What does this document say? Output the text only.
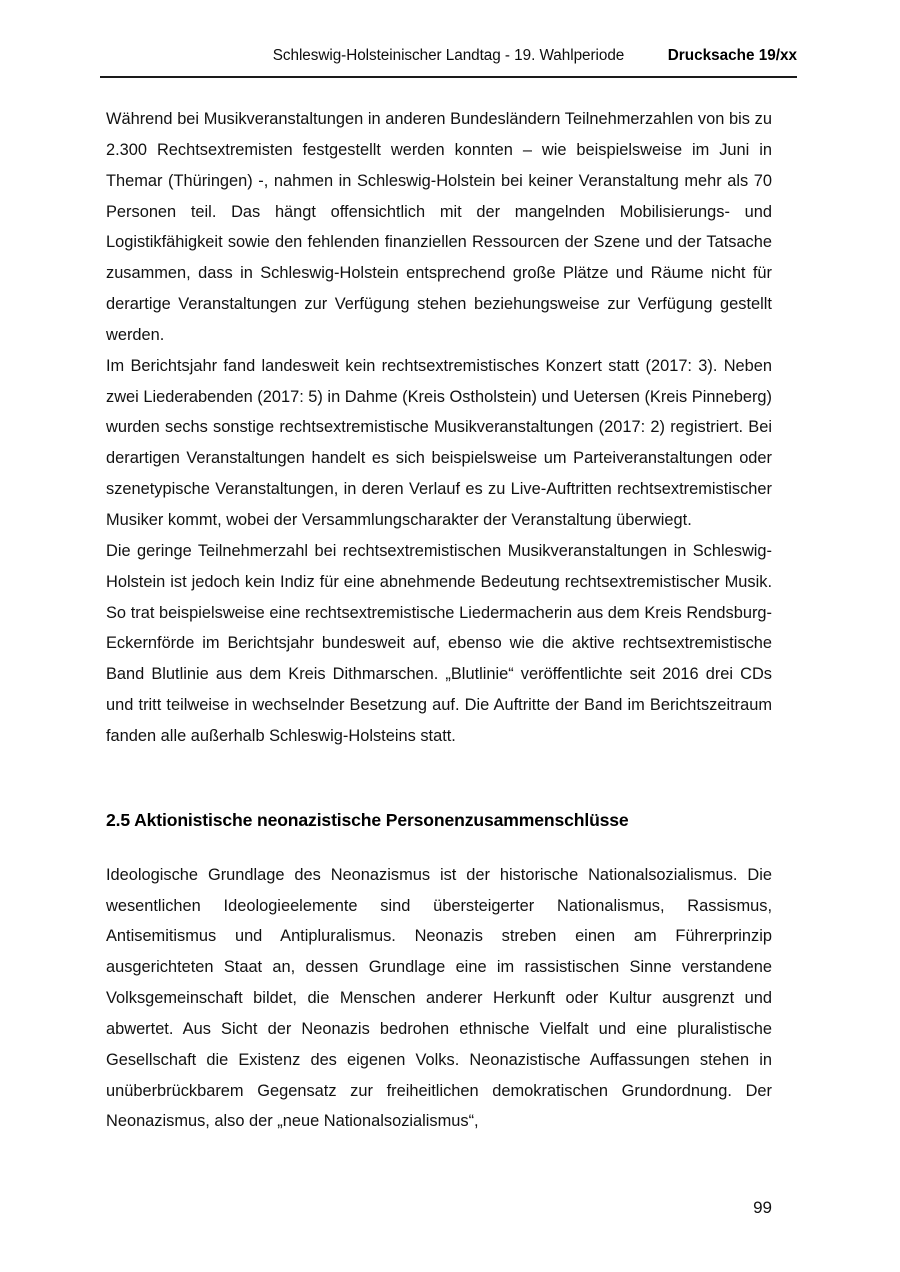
Schleswig-Holsteinischer Landtag - 19. Wahlperiode	Drucksache 19/xx

Während bei Musikveranstaltungen in anderen Bundesländern Teilnehmerzahlen von bis zu 2.300 Rechtsextremisten festgestellt werden konnten – wie beispielsweise im Juni in Themar (Thüringen) -, nahmen in Schleswig-Holstein bei keiner Veranstaltung mehr als 70 Personen teil. Das hängt offensichtlich mit der mangelnden Mobilisierungs- und Logistikfähigkeit sowie den fehlenden finanziellen Ressourcen der Szene und der Tatsache zusammen, dass in Schleswig-Holstein entsprechend große Plätze und Räume nicht für derartige Veranstaltungen zur Verfügung stehen beziehungsweise zur Verfügung gestellt werden.

Im Berichtsjahr fand landesweit kein rechtsextremistisches Konzert statt (2017: 3). Neben zwei Liederabenden (2017: 5) in Dahme (Kreis Ostholstein) und Uetersen (Kreis Pinneberg) wurden sechs sonstige rechtsextremistische Musikveranstaltungen (2017: 2) registriert. Bei derartigen Veranstaltungen handelt es sich beispielsweise um Parteiveranstaltungen oder szenetypische Veranstaltungen, in deren Verlauf es zu Live-Auftritten rechtsextremistischer Musiker kommt, wobei der Versammlungscharakter der Veranstaltung überwiegt.

Die geringe Teilnehmerzahl bei rechtsextremistischen Musikveranstaltungen in Schleswig-Holstein ist jedoch kein Indiz für eine abnehmende Bedeutung rechtsextremistischer Musik. So trat beispielsweise eine rechtsextremistische Liedermacherin aus dem Kreis Rendsburg-Eckernförde im Berichtsjahr bundesweit auf, ebenso wie die aktive rechtsextremistische Band Blutlinie aus dem Kreis Dithmarschen. „Blutlinie“ veröffentlichte seit 2016 drei CDs und tritt teilweise in wechselnder Besetzung auf. Die Auftritte der Band im Berichtszeitraum fanden alle außerhalb Schleswig-Holsteins statt.

2.5 Aktionistische neonazistische Personenzusammenschlüsse

Ideologische Grundlage des Neonazismus ist der historische Nationalsozialismus. Die wesentlichen Ideologieelemente sind übersteigerter Nationalismus, Rassismus, Antisemitismus und Antipluralismus. Neonazis streben einen am Führerprinzip ausgerichteten Staat an, dessen Grundlage eine im rassistischen Sinne verstandene Volksgemeinschaft bildet, die Menschen anderer Herkunft oder Kultur ausgrenzt und abwertet. Aus Sicht der Neonazis bedrohen ethnische Vielfalt und eine pluralistische Gesellschaft die Existenz des eigenen Volks. Neonazistische Auffassungen stehen in unüberbrückbarem Gegensatz zur freiheitlichen demokratischen Grundordnung. Der Neonazismus, also der „neue Nationalsozialismus“,

99
